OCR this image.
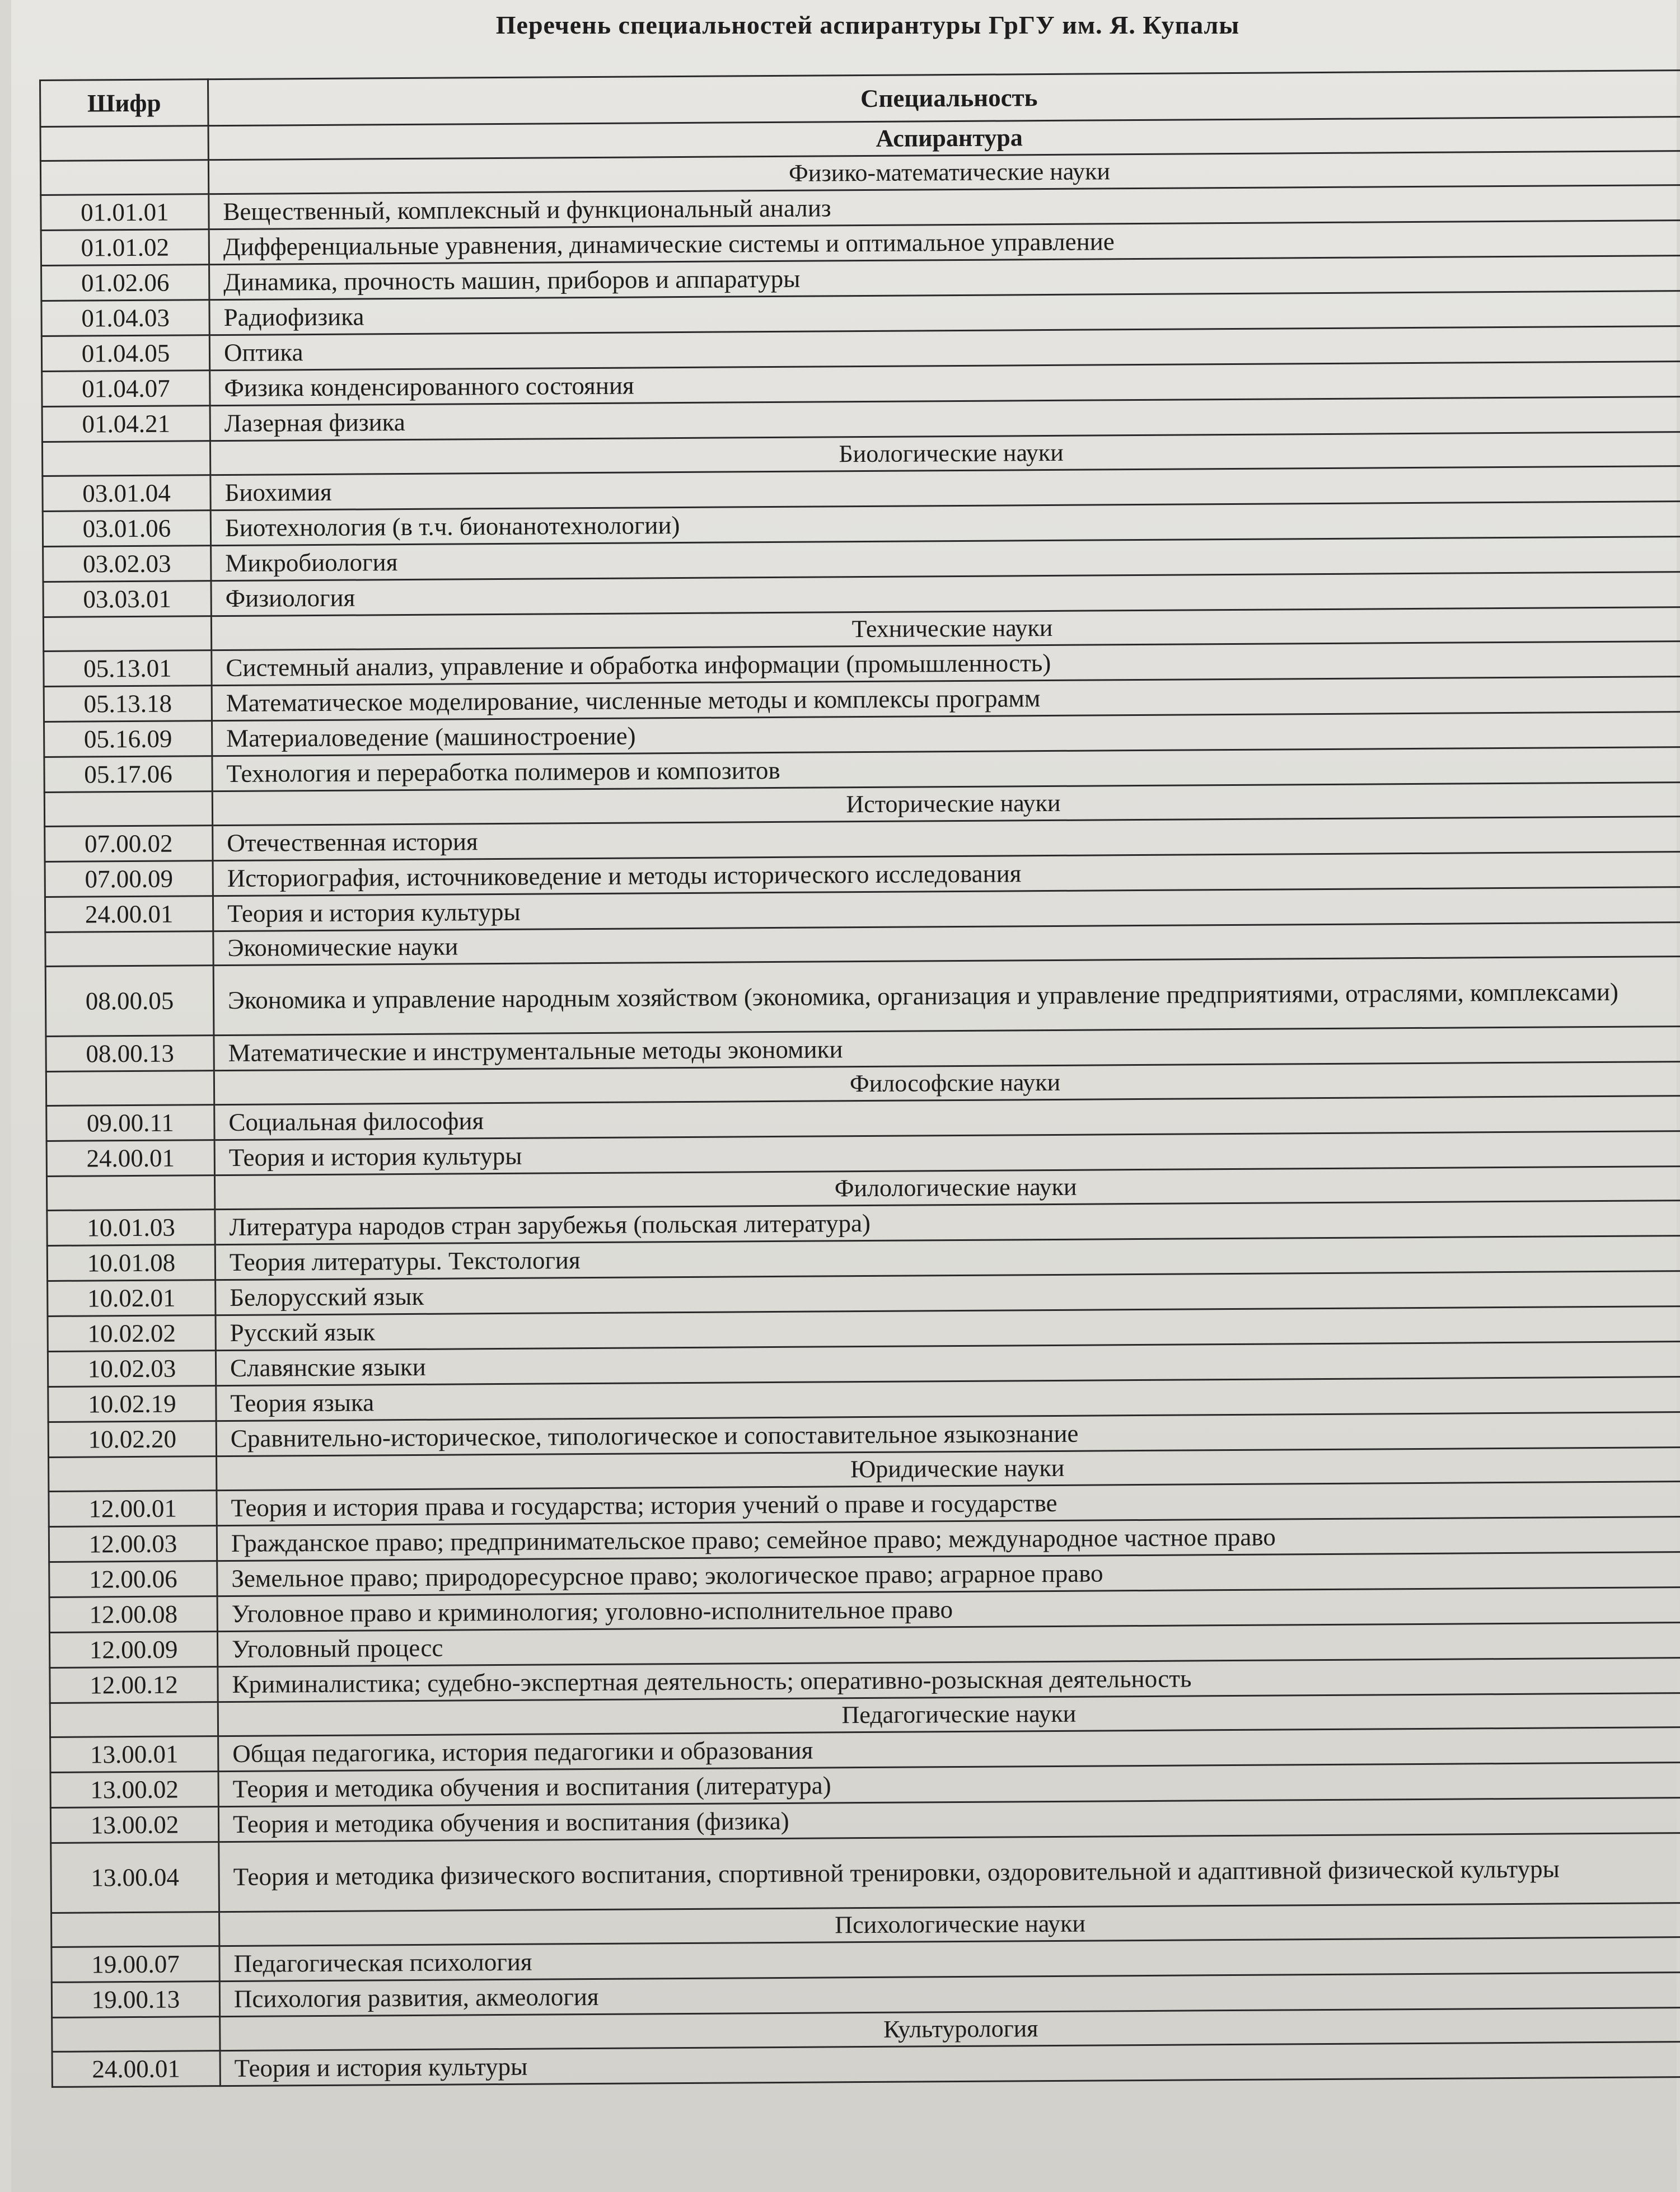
Перечень специальностей аспирантуры ГрГУ им. Я. Купалы
Шифр	Специальность
	Аспирантура
	Физико-математические науки
01.01.01	Вещественный, комплексный и функциональный анализ
01.01.02	Дифференциальные уравнения, динамические системы и оптимальное управление
01.02.06	Динамика, прочность машин, приборов и аппаратуры
01.04.03	Радиофизика
01.04.05	Оптика
01.04.07	Физика конденсированного состояния
01.04.21	Лазерная физика
	Биологические науки
03.01.04	Биохимия
03.01.06	Биотехнология (в т.ч. бионанотехнологии)
03.02.03	Микробиология
03.03.01	Физиология
	Технические науки
05.13.01	Системный анализ, управление и обработка информации (промышленность)
05.13.18	Математическое моделирование, численные методы и комплексы программ
05.16.09	Материаловедение (машиностроение)
05.17.06	Технология и переработка полимеров и композитов
	Исторические науки
07.00.02	Отечественная история
07.00.09	Историография, источниковедение и методы исторического исследования
24.00.01	Теория и история культуры
	Экономические науки
08.00.05	Экономика и управление народным хозяйством (экономика, организация и управление предприятиями, отраслями, комплексами)
08.00.13	Математические и инструментальные методы экономики
	Философские науки
09.00.11	Социальная философия
24.00.01	Теория и история культуры
	Филологические науки
10.01.03	Литература народов стран зарубежья (польская литература)
10.01.08	Теория литературы. Текстология
10.02.01	Белорусский язык
10.02.02	Русский язык
10.02.03	Славянские языки
10.02.19	Теория языка
10.02.20	Сравнительно-историческое, типологическое и сопоставительное языкознание
	Юридические науки
12.00.01	Теория и история права и государства; история учений о праве и государстве
12.00.03	Гражданское право; предпринимательское право; семейное право; международное частное право
12.00.06	Земельное право; природоресурсное право; экологическое право; аграрное право
12.00.08	Уголовное право и криминология; уголовно-исполнительное право
12.00.09	Уголовный процесс
12.00.12	Криминалистика; судебно-экспертная деятельность; оперативно-розыскная деятельность
	Педагогические науки
13.00.01	Общая педагогика, история педагогики и образования
13.00.02	Теория и методика обучения и воспитания (литература)
13.00.02	Теория и методика обучения и воспитания (физика)
13.00.04	Теория и методика физического воспитания, спортивной тренировки, оздоровительной и адаптивной физической культуры
	Психологические науки
19.00.07	Педагогическая психология
19.00.13	Психология развития, акмеология
	Культурология
24.00.01	Теория и история культуры
